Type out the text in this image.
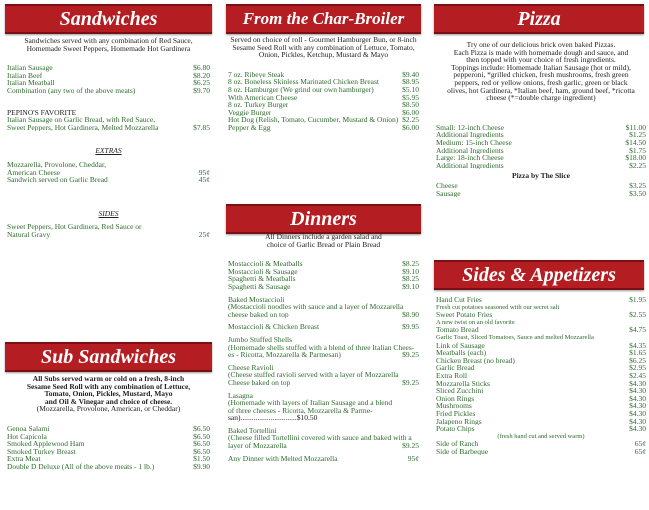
Sandwiches
Sandwiches served with any combination of Red Sauce,
Homemade Sweet Peppers, Homemade Hot Gardinera
Italian Sausage	$6.80
Italian Beef	$8.20
Italian Meatball	$6.25
Combination (any two of the above meats)	$9.70
PEPINO'S FAVORITE
Italian Sausage on Garlic Bread, with Red Sauce,
Sweet Peppers, Hot Gardinera, Melted Mozzarella	$7.85
EXTRAS
Mozzarella, Provolone, Cheddar,
American Cheese	95¢
Sandwich served on Garlic Bread	45¢
SIDES
Sweet Peppers, Hot Gardinera, Red Sauce or
Natural Gravy	25¢
Sub Sandwiches
All Subs served warm or cold on a fresh, 8-inch
Sesame Seed Roll with any combination of Lettuce,
Tomato, Onion, Pickles, Mustard, Mayo
and Oil & Vinegar and choice of cheese.
(Mozzarella, Provolone, American, or Cheddar)
Genoa Salami	$6.50
Hot Capicola	$6.50
Smoked Applewood Ham	$6.50
Smoked Turkey Breast	$6.50
Extra Meat	$1.50
Double D Deluxe (All of the above meats - 1 lb.)	$9.90
From the Char-Broiler
Served on choice of roll - Gourmet Hamburger Bun, or 8-inch
Sesame Seed Roll with any combination of Lettuce, Tomato,
Onion, Pickles, Ketchup, Mustard & Mayo
7 oz. Ribeye Steak	$9.40
8 oz. Boneless Skinless Marinated Chicken Breast	$8.95
8 oz. Hamburger (We grind our own hamburger)	$5.10
With American Cheese	$5.95
8 oz. Turkey Burger	$8.50
Veggie Burger	$6.00
Hot Dog (Relish, Tomato, Cucumber, Mustard & Onion) $2.25
Pepper & Egg	$6.00
Dinners
All Dinners include a garden salad and
choice of Garlic Bread or Plain Bread
Mostaccioli & Meatballs	$8.25
Mostaccioli & Sausage	$9.10
Spaghetti & Meatballs	$8.25
Spaghetti & Sausage	$9.10
Baked Mostaccioli
(Mostaccioli noodles with sauce and a layer of Mozzarella
cheese baked on top	$8.90
Mostaccioli & Chicken Breast	$9.95
Jumbo Stuffed Shells
(Homemade shells stuffed with a blend of three Italian Chees-
es - Ricotta, Mozzarella & Parmesan)	$9.25
Cheese Ravioli
(Cheese stuffed ravioli served with a layer of Mozzarella
Cheese baked on top	$9.25
Lasagna
(Homemade with layers of Italian Sausage and a blend
of three cheeses - Ricotta, Mozzarella & Parme-
san)..............................$10.50
Baked Tortellini
(Cheese filled Tortellini covered with sauce and baked with a
layer of Mozzarella	$9.25
Any Dinner with Melted Mozzarella	95¢
Pizza
Try one of our delicious brick oven baked Pizzas.
Each Pizza is made with homemade dough and sauce, and
then topped with your choice of fresh ingredients.
Toppings include: Homemade Italian Sausage (hot or mild),
pepperoni, *grilled chicken, fresh mushrooms, fresh green
peppers, red or yellow onions, fresh garlic, green or black
olives, hot Gardinera, *Italian beef, ham, ground beef, *ricotta
cheese (*=double charge ingredient)
Small: 12-inch Cheese	$11.00
Additional Ingredients	$1.25
Medium: 15-inch Cheese	$14.50
Additional Ingredients	$1.75
Large: 18-inch Cheese	$18.00
Additional Ingredients	$2.25
Pizza by The Slice
Cheese	$3.25
Sausage	$3.50
Sides & Appetizers
Hand Cut Fries	$1.95
Fresh cut potatoes seasoned with our secret salt
Sweet Potato Fries	$2.55
A new twist on an old favorite
Tomato Bread	$4.75
Garlic Toast, Sliced Tomatoes, Sauce and melted Mozzarella
Link of Sausage	$4.35
Meatballs (each)	$1.65
Chicken Breast (no bread)	$6.25
Garlic Bread	$2.95
Extra Roll	$2.45
Mozzarella Sticks	$4.30
Sliced Zucchini	$4.30
Onion Rings	$4.30
Mushrooms	$4.30
Fried Pickles	$4.30
Jalapeno Rings	$4.30
Potato Chips	$4.30
(fresh hand cut and served warm)
Side of Ranch	65¢
Side of Barbeque	65¢
